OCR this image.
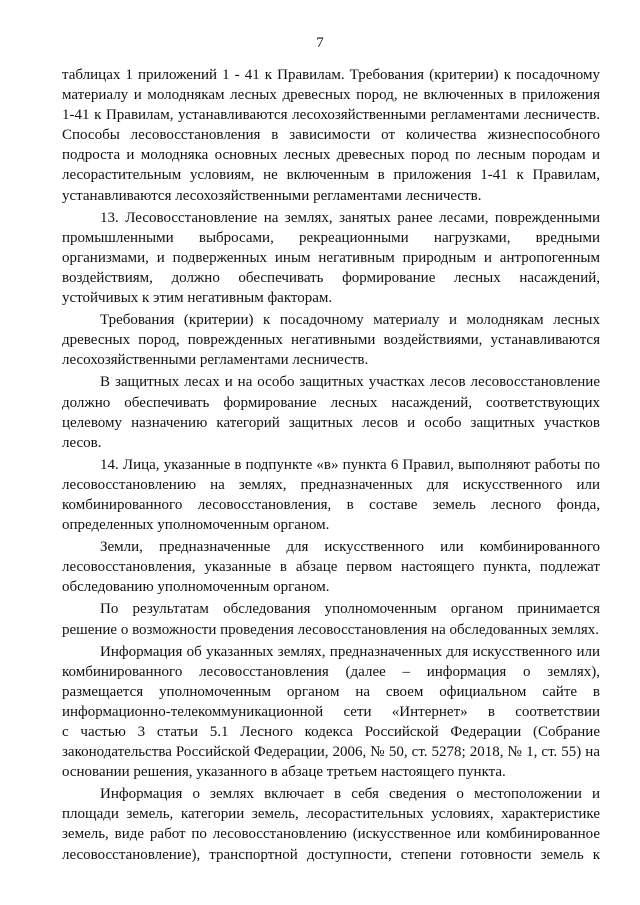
7
таблицах 1 приложений 1 - 41 к Правилам. Требования (критерии) к посадочному
материалу и молоднякам лесных древесных пород, не включенных в приложения
1-41 к Правилам, устанавливаются лесохозяйственными регламентами лесничеств.
Способы лесовосстановления в зависимости от количества жизнеспособного
подроста и молодняка основных лесных древесных пород по лесным породам и
лесорастительным условиям, не включенным в приложения 1-41 к Правилам,
устанавливаются лесохозяйственными регламентами лесничеств.
13. Лесовосстановление на землях, занятых ранее лесами, поврежденными
промышленными выбросами, рекреационными нагрузками, вредными
организмами, и подверженных иным негативным природным и антропогенным
воздействиям, должно обеспечивать формирование лесных насаждений,
устойчивых к этим негативным факторам.
Требования (критерии) к посадочному материалу и молоднякам лесных
древесных пород, поврежденных негативными воздействиями, устанавливаются
лесохозяйственными регламентами лесничеств.
В защитных лесах и на особо защитных участках лесов лесовосстановление
должно обеспечивать формирование лесных насаждений, соответствующих
целевому назначению категорий защитных лесов и особо защитных участков
лесов.
14. Лица, указанные в подпункте «в» пункта 6 Правил, выполняют работы по
лесовосстановлению на землях, предназначенных для искусственного или
комбинированного лесовосстановления, в составе земель лесного фонда,
определенных уполномоченным органом.
Земли, предназначенные для искусственного или комбинированного
лесовосстановления, указанные в абзаце первом настоящего пункта, подлежат
обследованию уполномоченным органом.
По результатам обследования уполномоченным органом принимается
решение о возможности проведения лесовосстановления на обследованных землях.
Информация об указанных землях, предназначенных для искусственного или
комбинированного лесовосстановления (далее – информация о землях),
размещается уполномоченным органом на своем официальном сайте в
информационно-телекоммуникационной сети «Интернет» в соответствии
с частью 3 статьи 5.1 Лесного кодекса Российской Федерации (Собрание
законодательства Российской Федерации, 2006, № 50, ст. 5278; 2018, № 1, ст. 55) на
основании решения, указанного в абзаце третьем настоящего пункта.
Информация о землях включает в себя сведения о местоположении и
площади земель, категории земель, лесорастительных условиях, характеристике
земель, виде работ по лесовосстановлению (искусственное или комбинированное
лесовосстановление), транспортной доступности, степени готовности земель к
